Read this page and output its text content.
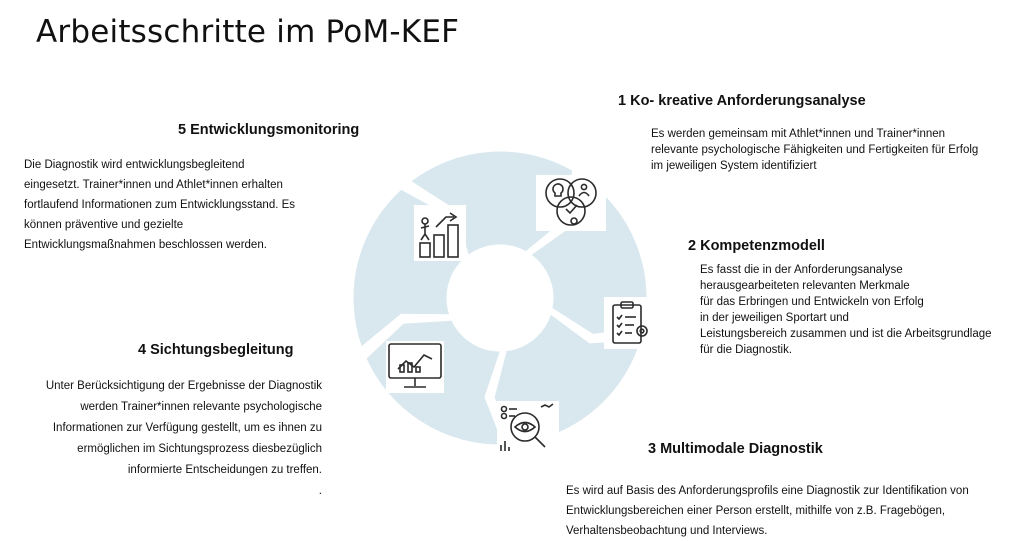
Arbeitsschritte im PoM-KEF
1 Ko- kreative Anforderungsanalyse

Es werden gemeinsam mit Athlet*innen und Trainer*innen

relevante psychologische Fähigkeiten und Fertigkeiten für Erfolg

im jeweiligen System identifiziert

2 Kompetenzmodell

Es fasst die in der Anforderungsanalyse

herausgearbeiteten relevanten Merkmale

für das Erbringen und Entwickeln von Erfolg

in der jeweiligen Sportart und

Leistungsbereich zusammen und ist die Arbeitsgrundlage

für die Diagnostik.

3 Multimodale Diagnostik

Es wird auf Basis des Anforderungsprofils eine Diagnostik zur Identifikation von

Entwicklungsbereichen einer Person erstellt, mithilfe von z.B. Fragebögen,

Verhaltensbeobachtung und Interviews.

4 Sichtungsbegleitung

Unter Berücksichtigung der Ergebnisse der Diagnostik

werden Trainer*innen relevante psychologische

Informationen zur Verfügung gestellt, um es ihnen zu

ermöglichen im Sichtungsprozess diesbezüglich

informierte Entscheidungen zu treffen.

.

5 Entwicklungsmonitoring

Die Diagnostik wird entwicklungsbegleitend

eingesetzt. Trainer*innen und Athlet*innen erhalten

fortlaufend Informationen zum Entwicklungsstand. Es

können präventive und gezielte

Entwicklungsmaßnahmen beschlossen werden.
